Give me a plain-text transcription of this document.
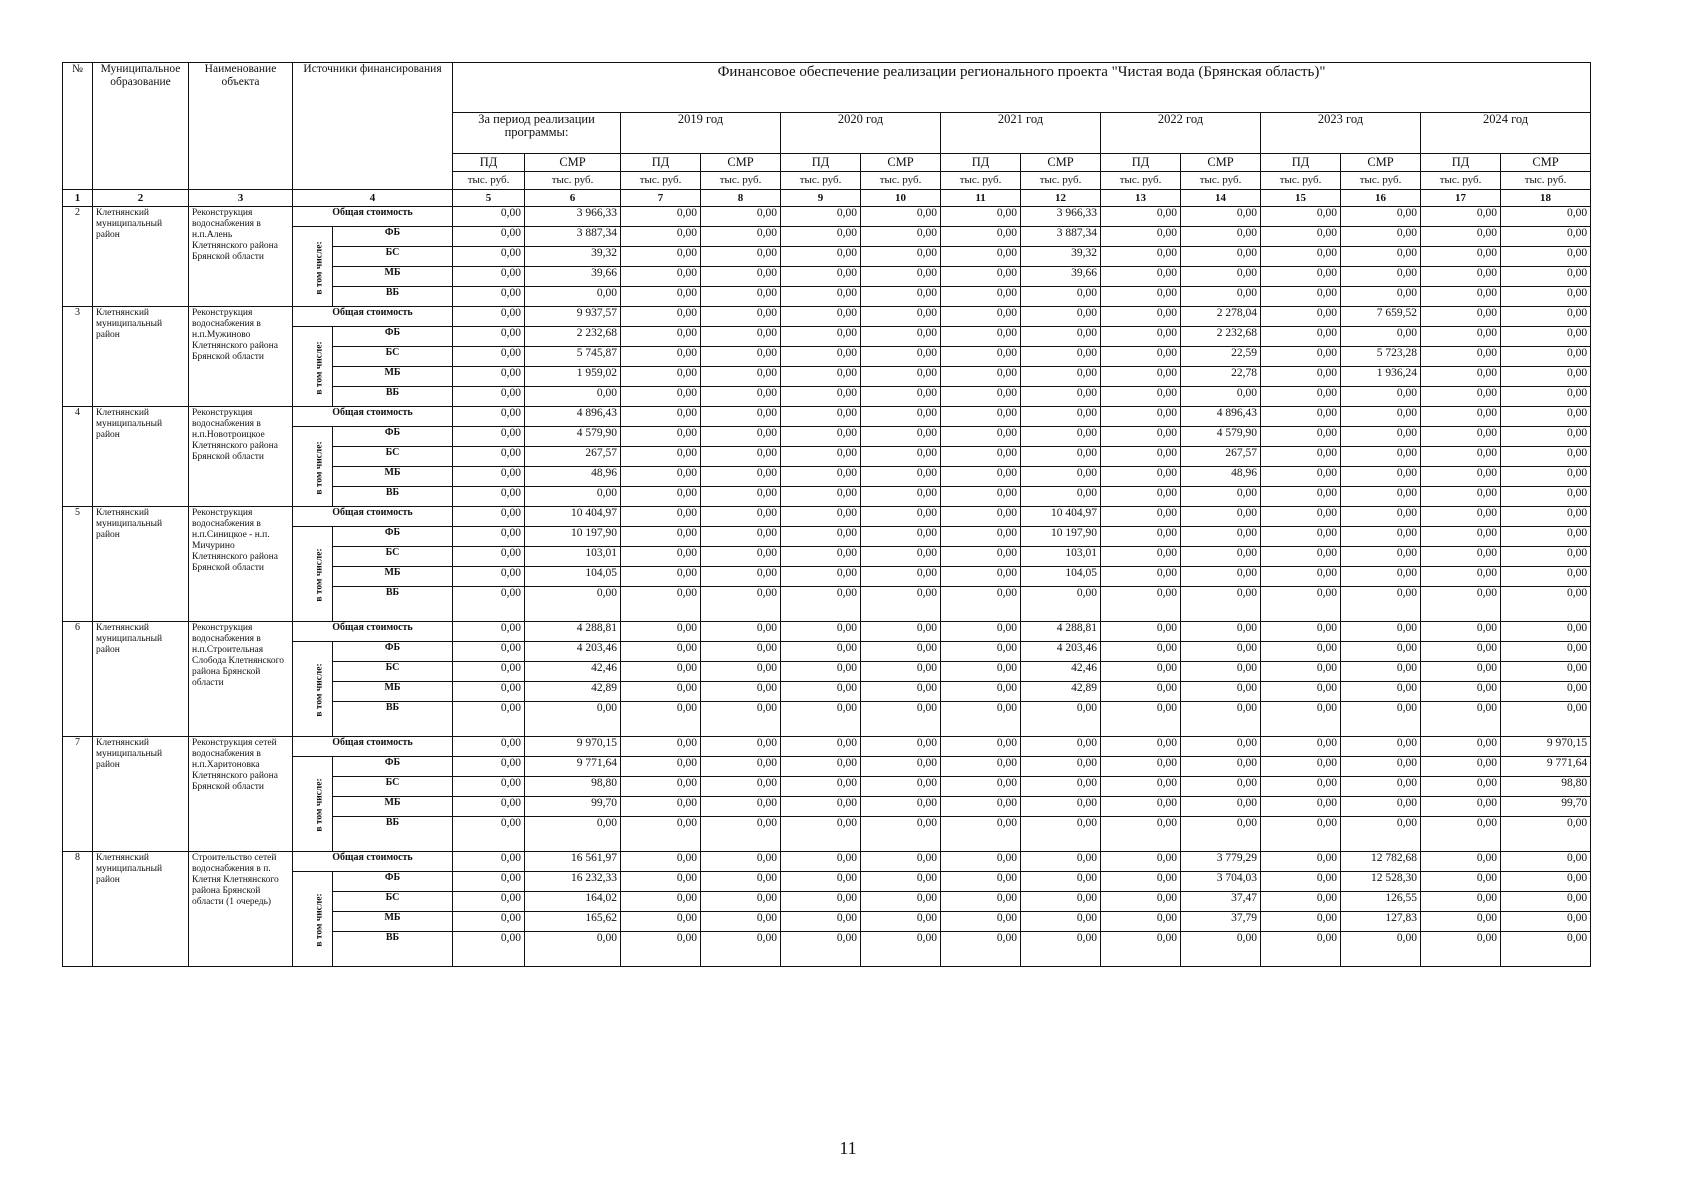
№	Муниципальное образование	Наименование объекта	Источники финансирования		Финансовое обеспечение реализации регионального проекта "Чистая вода (Брянская область)"													
					За период реализации программы:		2019 год		2020 год		2021 год		2022 год		2023 год		2024 год	
					ПД	СМР	ПД	СМР	ПД	СМР	ПД	СМР	ПД	СМР	ПД	СМР	ПД	СМР
					тыс. руб.	тыс. руб.	тыс. руб.	тыс. руб.	тыс. руб.	тыс. руб.	тыс. руб.	тыс. руб.	тыс. руб.	тыс. руб.	тыс. руб.	тыс. руб.	тыс. руб.	тыс. руб.
1	2	3	4		5	6	7	8	9	10	11	12	13	14	15	16	17	18
2	Клетнянский муниципальный район	Реконструкция водоснабжения в н.п.Алень Клетнянского района Брянской области	Общая стоимость		0,00	3 966,33	0,00	0,00	0,00	0,00	0,00	3 966,33	0,00	0,00	0,00	0,00	0,00	0,00
			в том числе:	ФБ	0,00	3 887,34	0,00	0,00	0,00	0,00	0,00	3 887,34	0,00	0,00	0,00	0,00	0,00	0,00
				БС	0,00	39,32	0,00	0,00	0,00	0,00	0,00	39,32	0,00	0,00	0,00	0,00	0,00	0,00
				МБ	0,00	39,66	0,00	0,00	0,00	0,00	0,00	39,66	0,00	0,00	0,00	0,00	0,00	0,00
				ВБ	0,00	0,00	0,00	0,00	0,00	0,00	0,00	0,00	0,00	0,00	0,00	0,00	0,00	0,00
3	Клетнянский муниципальный район	Реконструкция водоснабжения в н.п.Мужиново Клетнянского района Брянской области	Общая стоимость		0,00	9 937,57	0,00	0,00	0,00	0,00	0,00	0,00	0,00	2 278,04	0,00	7 659,52	0,00	0,00
			в том числе:	ФБ	0,00	2 232,68	0,00	0,00	0,00	0,00	0,00	0,00	0,00	2 232,68	0,00	0,00	0,00	0,00
				БС	0,00	5 745,87	0,00	0,00	0,00	0,00	0,00	0,00	0,00	22,59	0,00	5 723,28	0,00	0,00
				МБ	0,00	1 959,02	0,00	0,00	0,00	0,00	0,00	0,00	0,00	22,78	0,00	1 936,24	0,00	0,00
				ВБ	0,00	0,00	0,00	0,00	0,00	0,00	0,00	0,00	0,00	0,00	0,00	0,00	0,00	0,00
4	Клетнянский муниципальный район	Реконструкция водоснабжения в н.п.Новотроицкое Клетнянского района Брянской области	Общая стоимость		0,00	4 896,43	0,00	0,00	0,00	0,00	0,00	0,00	0,00	4 896,43	0,00	0,00	0,00	0,00
			в том числе:	ФБ	0,00	4 579,90	0,00	0,00	0,00	0,00	0,00	0,00	0,00	4 579,90	0,00	0,00	0,00	0,00
				БС	0,00	267,57	0,00	0,00	0,00	0,00	0,00	0,00	0,00	267,57	0,00	0,00	0,00	0,00
				МБ	0,00	48,96	0,00	0,00	0,00	0,00	0,00	0,00	0,00	48,96	0,00	0,00	0,00	0,00
				ВБ	0,00	0,00	0,00	0,00	0,00	0,00	0,00	0,00	0,00	0,00	0,00	0,00	0,00	0,00
5	Клетнянский муниципальный район	Реконструкция водоснабжения в н.п.Синицкое - н.п. Мичурино Клетнянского района Брянской области	Общая стоимость		0,00	10 404,97	0,00	0,00	0,00	0,00	0,00	10 404,97	0,00	0,00	0,00	0,00	0,00	0,00
			в том числе:	ФБ	0,00	10 197,90	0,00	0,00	0,00	0,00	0,00	10 197,90	0,00	0,00	0,00	0,00	0,00	0,00
				БС	0,00	103,01	0,00	0,00	0,00	0,00	0,00	103,01	0,00	0,00	0,00	0,00	0,00	0,00
				МБ	0,00	104,05	0,00	0,00	0,00	0,00	0,00	104,05	0,00	0,00	0,00	0,00	0,00	0,00
				ВБ	0,00	0,00	0,00	0,00	0,00	0,00	0,00	0,00	0,00	0,00	0,00	0,00	0,00	0,00
6	Клетнянский муниципальный район	Реконструкция водоснабжения в н.п.Строительная Слобода Клетнянского района Брянской области	Общая стоимость		0,00	4 288,81	0,00	0,00	0,00	0,00	0,00	4 288,81	0,00	0,00	0,00	0,00	0,00	0,00
			в том числе:	ФБ	0,00	4 203,46	0,00	0,00	0,00	0,00	0,00	4 203,46	0,00	0,00	0,00	0,00	0,00	0,00
				БС	0,00	42,46	0,00	0,00	0,00	0,00	0,00	42,46	0,00	0,00	0,00	0,00	0,00	0,00
				МБ	0,00	42,89	0,00	0,00	0,00	0,00	0,00	42,89	0,00	0,00	0,00	0,00	0,00	0,00
				ВБ	0,00	0,00	0,00	0,00	0,00	0,00	0,00	0,00	0,00	0,00	0,00	0,00	0,00	0,00
7	Клетнянский муниципальный район	Реконструкция сетей водоснабжения в н.п.Харитоновка Клетнянского района Брянской области	Общая стоимость		0,00	9 970,15	0,00	0,00	0,00	0,00	0,00	0,00	0,00	0,00	0,00	0,00	0,00	9 970,15
			в том числе:	ФБ	0,00	9 771,64	0,00	0,00	0,00	0,00	0,00	0,00	0,00	0,00	0,00	0,00	0,00	9 771,64
				БС	0,00	98,80	0,00	0,00	0,00	0,00	0,00	0,00	0,00	0,00	0,00	0,00	0,00	98,80
				МБ	0,00	99,70	0,00	0,00	0,00	0,00	0,00	0,00	0,00	0,00	0,00	0,00	0,00	99,70
				ВБ	0,00	0,00	0,00	0,00	0,00	0,00	0,00	0,00	0,00	0,00	0,00	0,00	0,00	0,00
8	Клетнянский муниципальный район	Строительство сетей водоснабжения в п. Клетня Клетнянского района Брянской области (1 очередь)	Общая стоимость		0,00	16 561,97	0,00	0,00	0,00	0,00	0,00	0,00	0,00	3 779,29	0,00	12 782,68	0,00	0,00
			в том числе:	ФБ	0,00	16 232,33	0,00	0,00	0,00	0,00	0,00	0,00	0,00	3 704,03	0,00	12 528,30	0,00	0,00
				БС	0,00	164,02	0,00	0,00	0,00	0,00	0,00	0,00	0,00	37,47	0,00	126,55	0,00	0,00
				МБ	0,00	165,62	0,00	0,00	0,00	0,00	0,00	0,00	0,00	37,79	0,00	127,83	0,00	0,00
				ВБ	0,00	0,00	0,00	0,00	0,00	0,00	0,00	0,00	0,00	0,00	0,00	0,00	0,00	0,00
11
